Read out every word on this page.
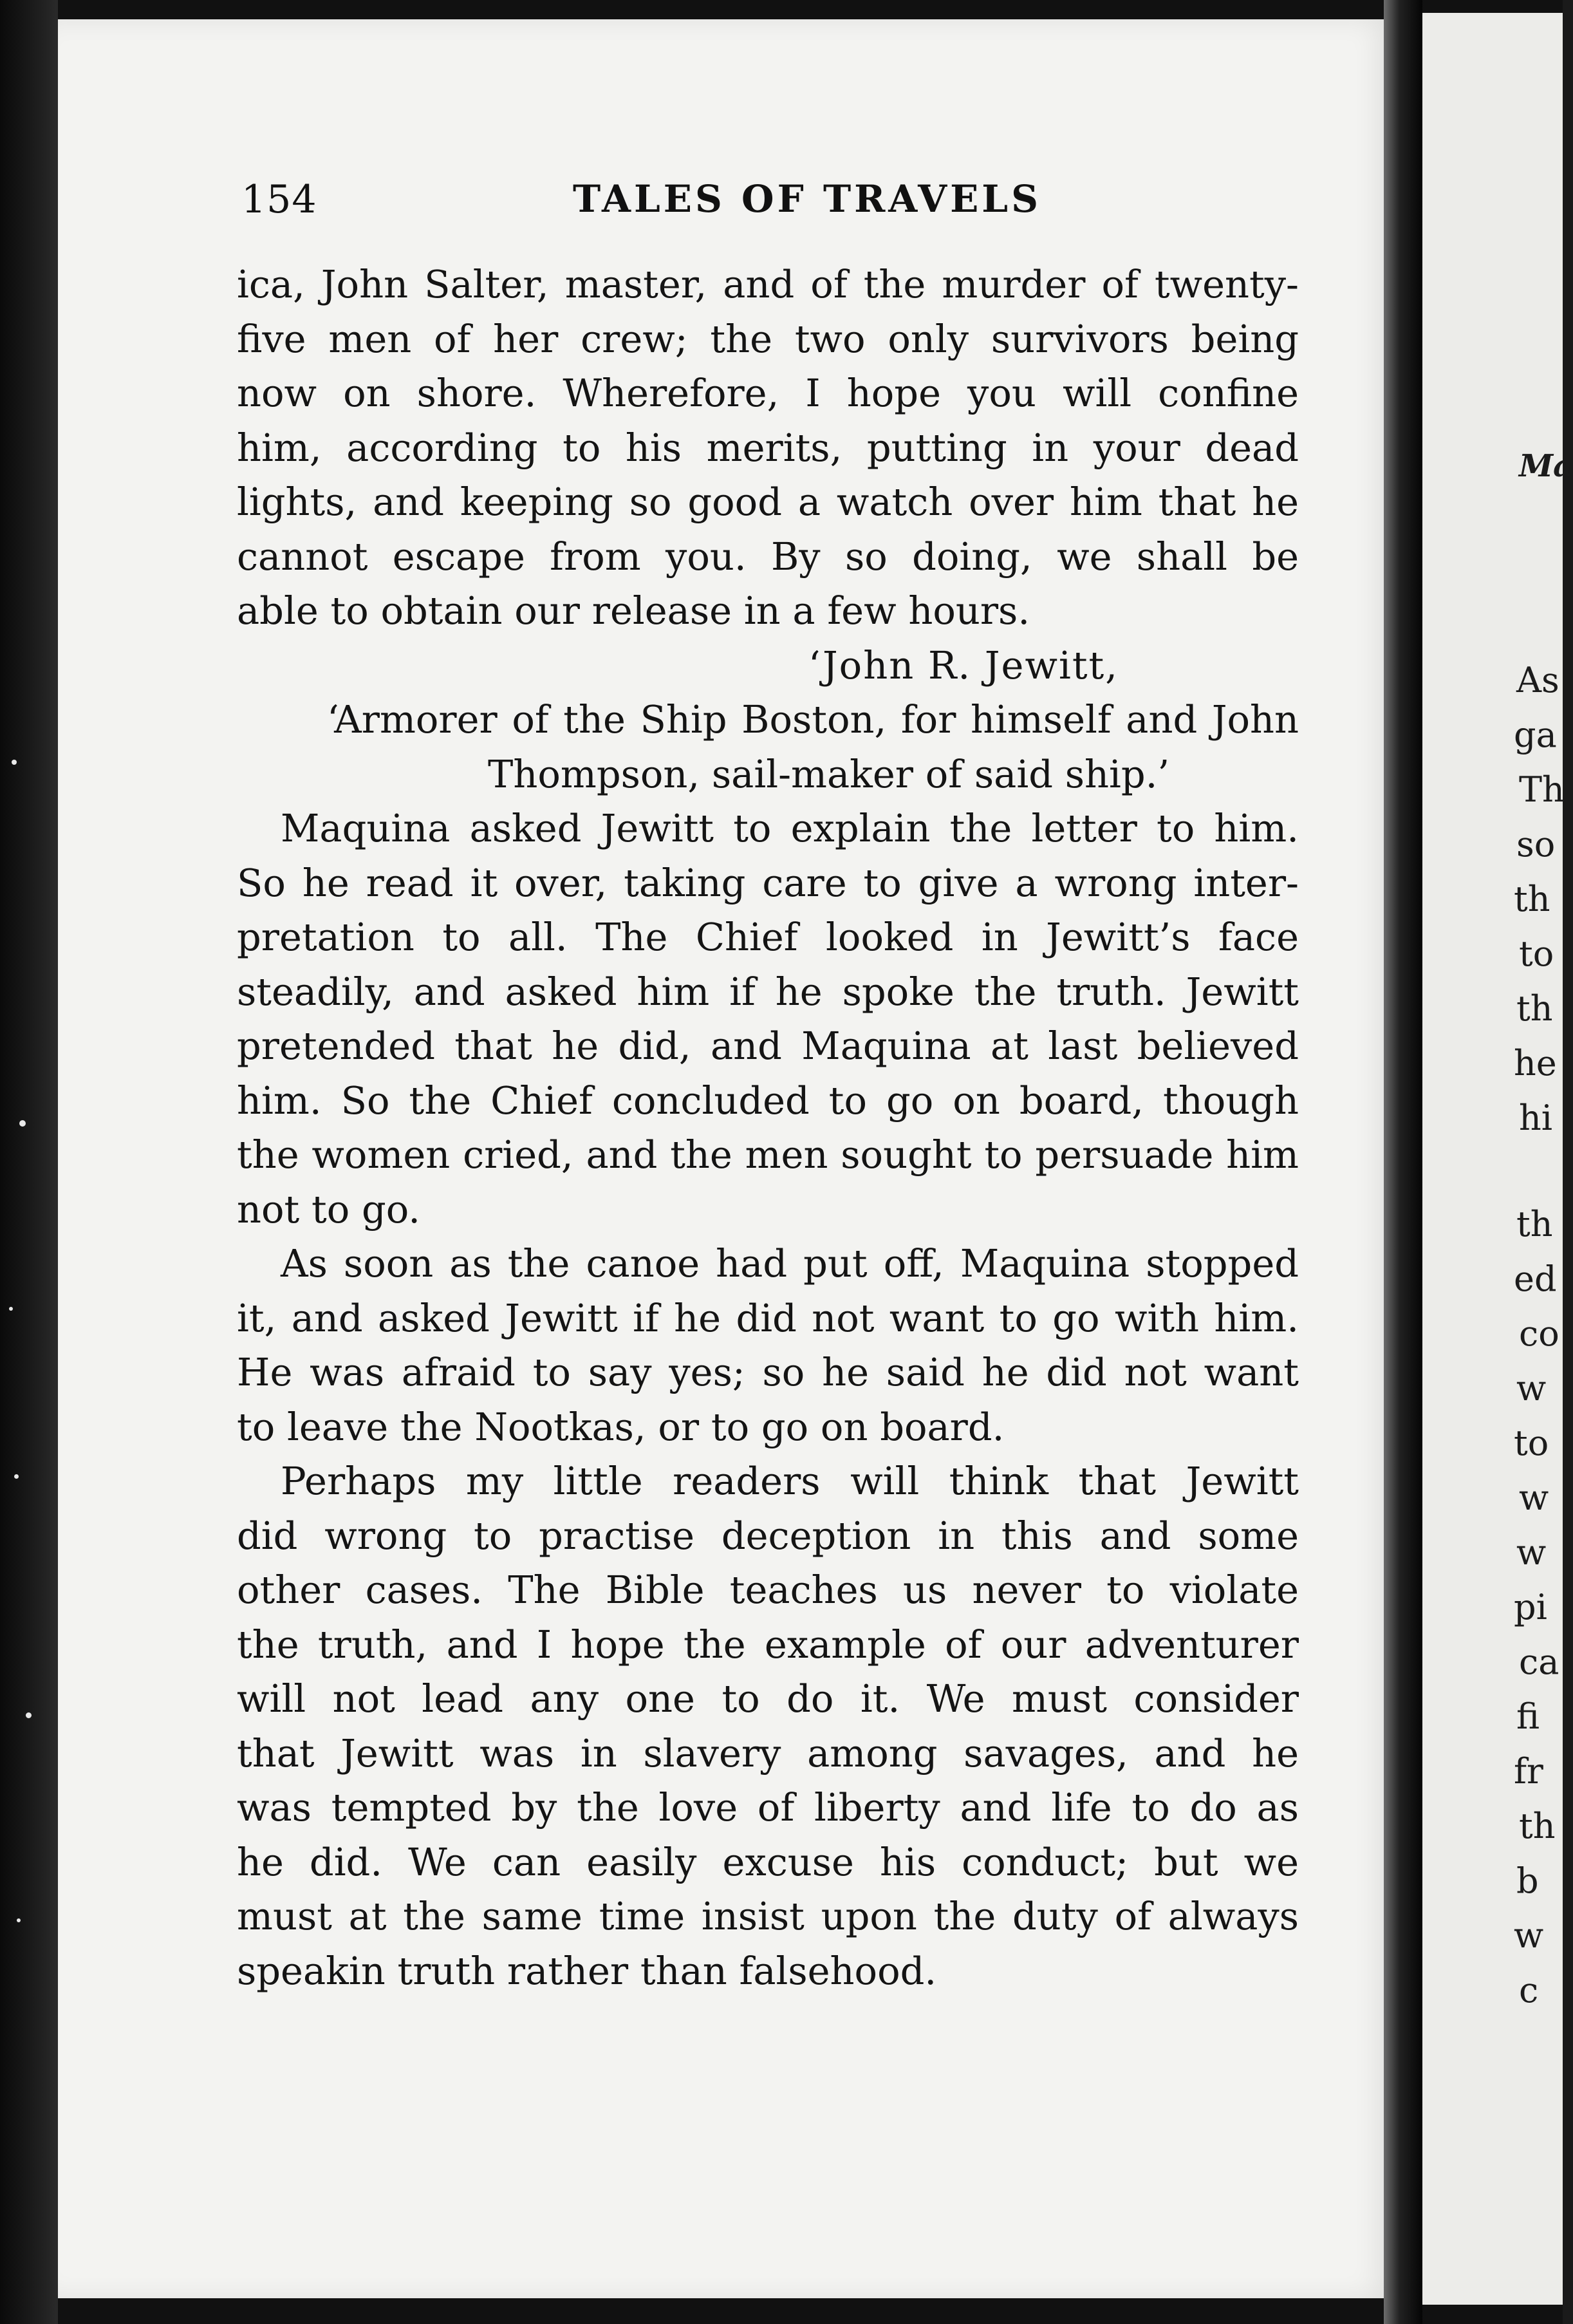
154	TALES OF TRAVELS
ica, John Salter, master, and of the murder of twenty-
five men of her crew; the two only survivors being
now on shore. Wherefore, I hope you will confine
him, according to his merits, putting in your dead
lights, and keeping so good a watch over him that he
cannot escape from you. By so doing, we shall be
able to obtain our release in a few hours.
‘John R. Jewitt,
‘Armorer of the Ship Boston, for himself and John
Thompson, sail-maker of said ship.’
Maquina asked Jewitt to explain the letter to him.
So he read it over, taking care to give a wrong inter-
pretation to all. The Chief looked in Jewitt’s face
steadily, and asked him if he spoke the truth. Jewitt
pretended that he did, and Maquina at last believed
him. So the Chief concluded to go on board, though
the women cried, and the men sought to persuade him
not to go.
As soon as the canoe had put off, Maquina stopped
it, and asked Jewitt if he did not want to go with him.
He was afraid to say yes; so he said he did not want
to leave the Nootkas, or to go on board.
Perhaps my little readers will think that Jewitt
did wrong to practise deception in this and some
other cases. The Bible teaches us never to violate
the truth, and I hope the example of our adventurer
will not lead any one to do it. We must consider
that Jewitt was in slavery among savages, and he
was tempted by the love of liberty and life to do as
he did. We can easily excuse his conduct; but we
must at the same time insist upon the duty of always
speakin truth rather than falsehood.
Ma
As
ga
Th
so
th
to
th
he
hi
th
ed
co
w
to
w
w
pi
ca
fi
fr
th
b
w
c
